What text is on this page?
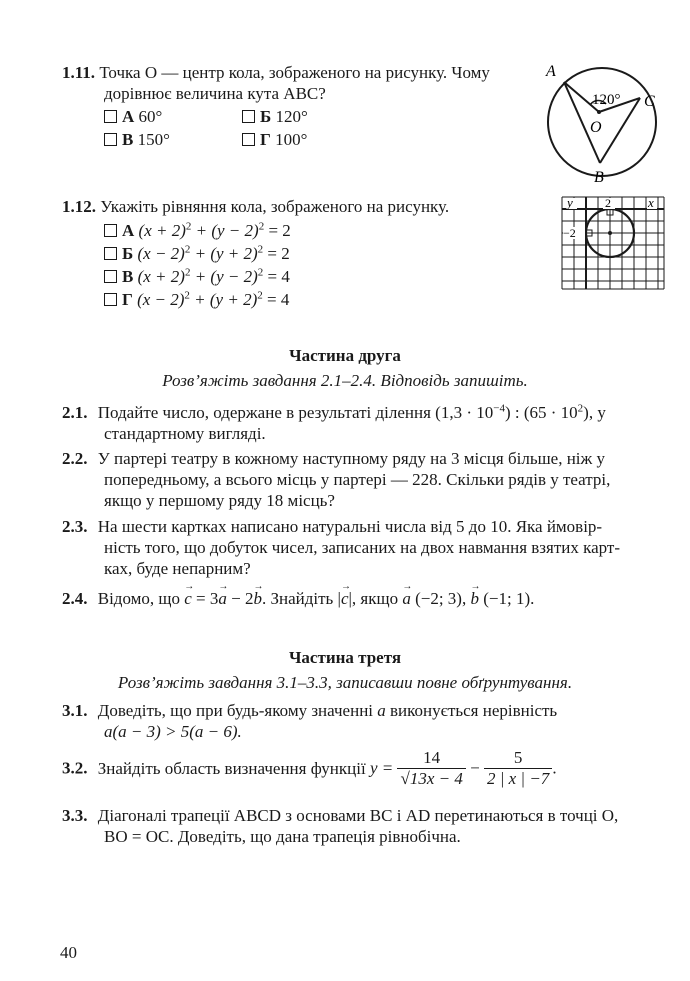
1.11. Точка O — центр кола, зображеного на рисунку. Чому
дорівнює величина кута ABC?
А 60°	Б 120°
В 150°	Г 100°
A
C
B
O
120°
1.12. Укажіть рівняння кола, зображеного на рисунку.
А $(x + 2)^2 + (y - 2)^2 = 2$
Б $(x - 2)^2 + (y + 2)^2 = 2$
В $(x + 2)^2 + (y - 2)^2 = 4$
Г $(x - 2)^2 + (y + 2)^2 = 4$
y	2	x
−2
Частина друга
Розв’яжіть завдання 2.1–2.4. Відповідь запишіть.
2.1. Подайте число, одержане в результаті ділення $(1,3 \cdot 10^{-4})$ : $(65 \cdot 10^2)$, у
стандартному вигляді.
2.2. У партері театру в кожному наступному ряду на 3 місця більше, ніж у
попередньому, а всього місць у партері — 228. Скільки рядів у театрі,
якщо у першому ряду 18 місць?
2.3. На шести картках написано натуральні числа від 5 до 10. Яка ймовір-
ність того, що добуток чисел, записаних на двох навмання взятих карт-
ках, буде непарним?
2.4. Відомо, що → c = 3→ a − 2→ b. Знайдіть |→ c|, якщо → a (−2; 3), → b (−1; 1).
Частина третя
Розв’яжіть завдання 3.1–3.3, записавши повне обґрунтування.
3.1. Доведіть, що при будь-якому значенні a виконується нерівність
a(a − 3) > 5(a − 6).
3.2. Знайдіть область визначення функції $y = \frac{14}{√13x - 4} - \frac{5}{2 | x | -7}$ .
3.3. Діагоналі трапеції ABCD з основами BC і AD перетинаються в точці O,
BO = OC. Доведіть, що дана трапеція рівнобічна.
40
